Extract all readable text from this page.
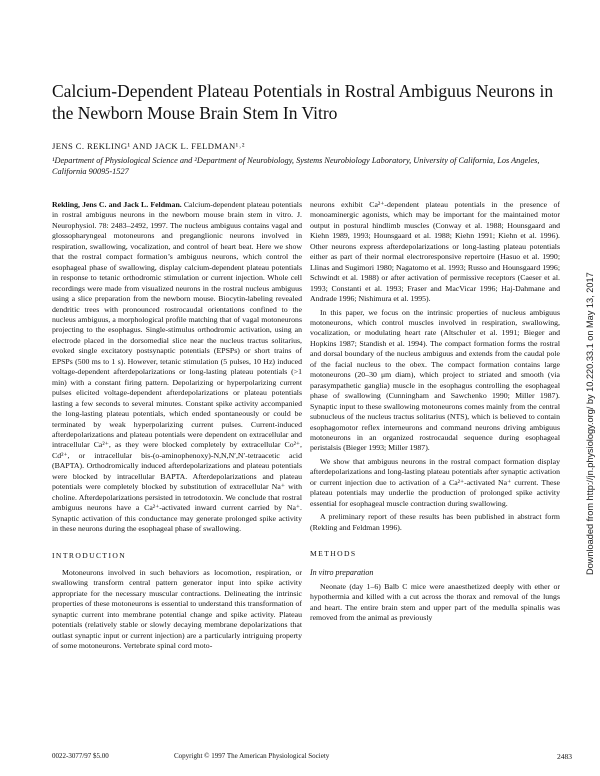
Calcium-Dependent Plateau Potentials in Rostral Ambiguus Neurons in the Newborn Mouse Brain Stem In Vitro
JENS C. REKLING¹ AND JACK L. FELDMAN¹˒²
¹Department of Physiological Science and ²Department of Neurobiology, Systems Neurobiology Laboratory, University of California, Los Angeles, California 90095-1527

Rekling, Jens C. and Jack L. Feldman. Calcium-dependent plateau potentials in rostral ambiguus neurons in the newborn mouse brain stem in vitro. J. Neurophysiol. 78: 2483–2492, 1997. The nucleus ambiguus contains vagal and glossopharyngeal motoneurons and preganglionic neurons involved in respiration, swallowing, vocalization, and control of heart beat. Here we show that the rostral compact formation’s ambiguus neurons, which control the esophageal phase of swallowing, display calcium-dependent plateau potentials in response to tetanic orthodromic stimulation or current injection. Whole cell recordings were made from visualized neurons in the rostral nucleus ambiguus using a slice preparation from the newborn mouse. Biocytin-labeling revealed dendritic trees with pronounced rostrocaudal orientations confined to the nucleus ambiguus, a morphological profile matching that of vagal motoneurons projecting to the esophagus. Single-stimulus orthodromic activation, using an electrode placed in the dorsomedial slice near the nucleus tractus solitarius, evoked single excitatory postsynaptic potentials (EPSPs) or short trains of EPSPs (500 ms to 1 s). However, tetanic stimulation (5 pulses, 10 Hz) induced voltage-dependent afterdepolarizations or long-lasting plateau potentials (>1 min) with a constant firing pattern. Depolarizing or hyperpolarizing current pulses elicited voltage-dependent afterdepolarizations or plateau potentials lasting a few seconds to several minutes. Constant spike activity accompanied the long-lasting plateau potentials, which ended spontaneously or could be terminated by weak hyperpolarizing current pulses. Current-induced afterdepolarizations and plateau potentials were dependent on extracellular and intracellular Ca²⁺, as they were blocked completely by extracellular Co²⁺, Cd²⁺, or intracellular bis-(o-aminophenoxy)-N,N,N′,N′-tetraacetic acid (BAPTA). Orthodromically induced afterdepolarizations and plateau potentials were blocked by intracellular BAPTA. Afterdepolarizations and plateau potentials were completely blocked by substitution of extracellular Na⁺ with choline. Afterdepolarizations persisted in tetrodotoxin. We conclude that rostral ambiguus neurons have a Ca²⁺-activated inward current carried by Na⁺. Synaptic activation of this conductance may generate prolonged spike activity in these neurons during the esophageal phase of swallowing.

INTRODUCTION

Motoneurons involved in such behaviors as locomotion, respiration, or swallowing transform central pattern generator input into spike activity appropriate for the necessary muscular contractions. Delineating the intrinsic properties of these motoneurons is essential to understand this transformation of synaptic current into membrane potential change and spike activity. Plateau potentials (relatively stable or slowly decaying membrane depolarizations that outlast synaptic input or current injection) are a particularly intriguing property of some motoneurons. Vertebrate spinal cord moto-

neurons exhibit Ca²⁺-dependent plateau potentials in the presence of monoaminergic agonists, which may be important for the maintained motor output in postural hindlimb muscles (Conway et al. 1988; Hounsgaard and Kiehn 1989, 1993; Hounsgaard et al. 1988; Kiehn 1991; Kiehn et al. 1996). Other neurons express afterdepolarizations or long-lasting plateau potentials either as part of their normal electroresponsive repertoire (Hasuo et al. 1990; Llinas and Sugimori 1980; Nagatomo et al. 1993; Russo and Hounsgaard 1996; Schwindt et al. 1988) or after activation of permissive receptors (Caeser et al. 1993; Constanti et al. 1993; Fraser and MacVicar 1996; Haj-Dahmane and Andrade 1996; Nishimura et al. 1995).

In this paper, we focus on the intrinsic properties of nucleus ambiguus motoneurons, which control muscles involved in respiration, swallowing, vocalization, or modulating heart rate (Altschuler et al. 1991; Bieger and Hopkins 1987; Standish et al. 1994). The compact formation forms the rostral and dorsal boundary of the nucleus ambiguus and extends from the caudal pole of the facial nucleus to the obex. The compact formation contains large motoneurons (20–30 μm diam), which project to striated and smooth (via parasympathetic ganglia) muscle in the esophagus controlling the esophageal phase of swallowing (Cunningham and Sawchenko 1990; Miller 1987). Synaptic input to these swallowing motoneurons comes mainly from the central subnucleus of the nucleus tractus solitarius (NTS), which is believed to contain esophagomotor reflex interneurons and command neurons driving ambiguus motoneurons in an organized rostrocaudal sequence during esophageal peristalsis (Bieger 1993; Miller 1987).

We show that ambiguus neurons in the rostral compact formation display afterdepolarizations and long-lasting plateau potentials after synaptic activation or current injection due to activation of a Ca²⁺-activated Na⁺ current. These plateau potentials may underlie the production of prolonged spike activity essential for esophageal muscle contraction during swallowing.

A preliminary report of these results has been published in abstract form (Rekling and Feldman 1996).

METHODS
In vitro preparation

Neonate (day 1–6) Balb C mice were anaesthetized deeply with ether or hypothermia and killed with a cut across the thorax and removal of the lungs and heart. The entire brain stem and upper part of the medulla spinalis was removed from the animal as previously

0022-3077/97 $5.00	Copyright © 1997 The American Physiological Society	2483
Downloaded from http://jn.physiology.org/ by 10.220.33.1 on May 13, 2017
